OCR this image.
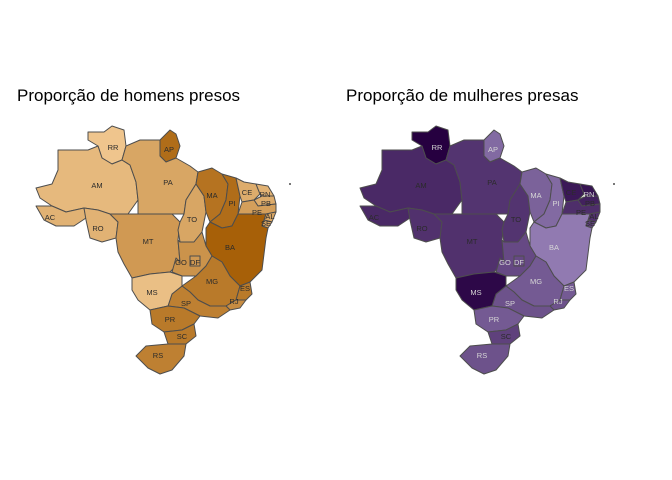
Proporção de homens presos	Proporção de mulheres presas
RR	AP
AM	PA
AC
RO
MT
TO
MA
PI
CE RN
PB
PE AL
SE
BA
GO DF
MG
ES
RJ
SP
MS
PR
SC
RS
RR	AP
AM	PA
AC
RO
MT
TO
MA
PI
CE RN
PB
PE AL
SE
BA
GO DF
MG
ES
RJ
SP
MS
PR
SC
RS
